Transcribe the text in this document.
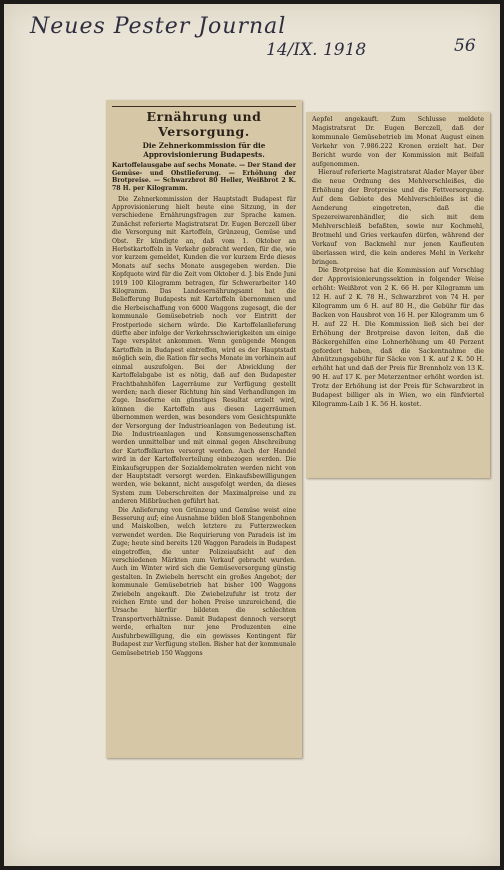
Neues Pester Journal
14/IX. 1918	56
Ernährung und Versorgung.
Die Zehnerkommission für die Approvisionierung Budapests.
Kartoffelausgabe auf sechs Monate. — Der Stand der Gemüse- und Obstlieferung. — Erhöhung der Brotpreise. — Schwarzbrot 80 Heller, Weißbrot 2 K. 78 H. per Kilogramm.

Die Zehnerkommission der Hauptstadt Budapest für Approvisionierung hielt heute eine Sitzung, in der verschiedene Ernährungsfragen zur Sprache kamen. Zunächst referierte Magistratsrat Dr. Eugen Berczell über die Versorgung mit Kartoffeln, Grünzeug, Gemüse und Obst. Er kündigte an, daß vom 1. Oktober an Herbstkartoffeln in Verkehr gebracht werden, für die, wie vor kurzem gemeldet, Kunden die vor kurzem Erde dieses Monats auf sechs Monate ausgegeben werden. Die Kopfquote wird für die Zeit vom Oktober d. J. bis Ende Juni 1919 100 Kilogramm betragen, für Schwerarbeiter 140 Kilogramm. Das Landesernährungsamt hat die Beliefferung Budapests mit Kartoffeln übernommen und die Herbeischaffung von 6000 Waggons zugesagt, die der kommunale Gemüsebetrieb noch vor Eintritt der Frostperiode sichern würde. Die Kartoffelanlieferung dürfte aber infolge der Verkehrsschwierigkeiten um einige Tage verspätet ankommen. Wenn genügende Mengen Kartoffeln in Budapest eintreffen, wird es der Hauptstadt möglich sein, die Ration für sechs Monate im vorhinein auf einmal auszufolgen. Bei der Abwicklung der Kartoffelabgabe ist es nötig, daß auf den Budapester Frachtbahnhöfen Lagerräume zur Verfügung gestellt werden; nach dieser Richtung hin sind Verhandlungen im Zuge. Insoferne ein günstiges Resultat erzielt wird, können die Kartoffeln aus diesen Lagerräumen übernommen werden, was besonders vom Gesichtspunkte der Versorgung der Industrieanlagen von Bedeutung ist. Die Industrieanlagen und Konsumgenossenschaften werden unmittelbar und mit einmal gegen Abschreibung der Kartoffelkarten versorgt werden. Auch der Handel wird in der Kartoffelverteilung einbezogen werden. Die Einkaufsgruppen der Sozialdemokraten werden nicht von der Hauptstadt versorgt werden. Einkaufsbewilligungen werden, wie bekannt, nicht ausgefolgt werden, da dieses System zum Ueberschreiten der Maximalpreise und zu anderen Mißbräuchen geführt hat.

Die Anlieferung von Grünzeug und Gemüse weist eine Besserung auf; eine Ausnahme bilden bloß Stangenbohnen und Maiskolben, welch letztere zu Futterzwecken verwendet werden. Die Requirierung von Paradeis ist im Zuge; heute sind bereits 120 Waggon Paradeis in Budapest eingetroffen, die unter Polizeiaufsicht auf den verschiedenen Märkten zum Verkauf gebracht wurden. Auch im Winter wird sich die Gemüseversorgung günstig gestalten. In Zwiebeln herrscht ein großes Angebot; der kommunale Gemüsebetrieb hat bisher 100 Waggons Zwiebeln angekauft. Die Zwiebelzufuhr ist trotz der reichen Ernte und der hohen Preise unzureichend, die Ursache hierfür bildeten die schlechten Transportverhältnisse. Damit Budapest dennoch versorgt werde, erhalten nur jene Produzenten eine Ausfuhrbewilligung, die ein gewisses Kontingent für Budapest zur Verfügung stellen. Bisher hat der kommunale Gemüsebetrieb 150 Waggons

Aepfel angekauft. Zum Schlusse meldete Magistratsrat Dr. Eugen Berczell, daß der kommunale Gemüsebetrieb im Monat August einen Verkehr von 7.986.222 Kronen erzielt hat. Der Bericht wurde von der Kommission mit Beifall aufgenommen.

Hierauf referierte Magistratsrat Alader Mayer über die neue Ordnung des Mehlverschleißes, die Erhöhung der Brotpreise und die Fettversorgung. Auf dem Gebiete des Mehlverschleißes ist die Aenderung eingetreten, daß die Spezereiwarenhändler, die sich mit dem Mehlverschleiß befaßten, sowie nur Kochmehl, Brotmehl und Gries verkaufen dürfen, während der Verkauf von Backmehl nur jenen Kaufleuten überlassen wird, die kein anderes Mehl in Verkehr bringen.

Die Brotpreise hat die Kommission auf Vorschlag der Approvisionierungssektion in folgender Weise erhöht: Weißbrot von 2 K. 66 H. per Kilogramm um 12 H. auf 2 K. 78 H., Schwarzbrot von 74 H. per Kilogramm um 6 H. auf 80 H., die Gebühr für das Backen von Hausbrot von 16 H. per Kilogramm um 6 H. auf 22 H. Die Kommission ließ sich bei der Erhöhung der Brotpreise davon leiten, daß die Bäckergehilfen eine Lohnerhöhung um 40 Perzent gefordert haben, daß die Sackentnahme die Abnützungsgebühr für Säcke von 1 K. auf 2 K. 50 H. erhöht hat und daß der Preis für Brennholz von 13 K. 90 H. auf 17 K. per Meterzentner erhöht worden ist. Trotz der Erhöhung ist der Preis für Schwarzbrot in Budapest billiger als in Wien, wo ein fünfviertel Kilogramm-Laib 1 K. 56 H. kostet.
